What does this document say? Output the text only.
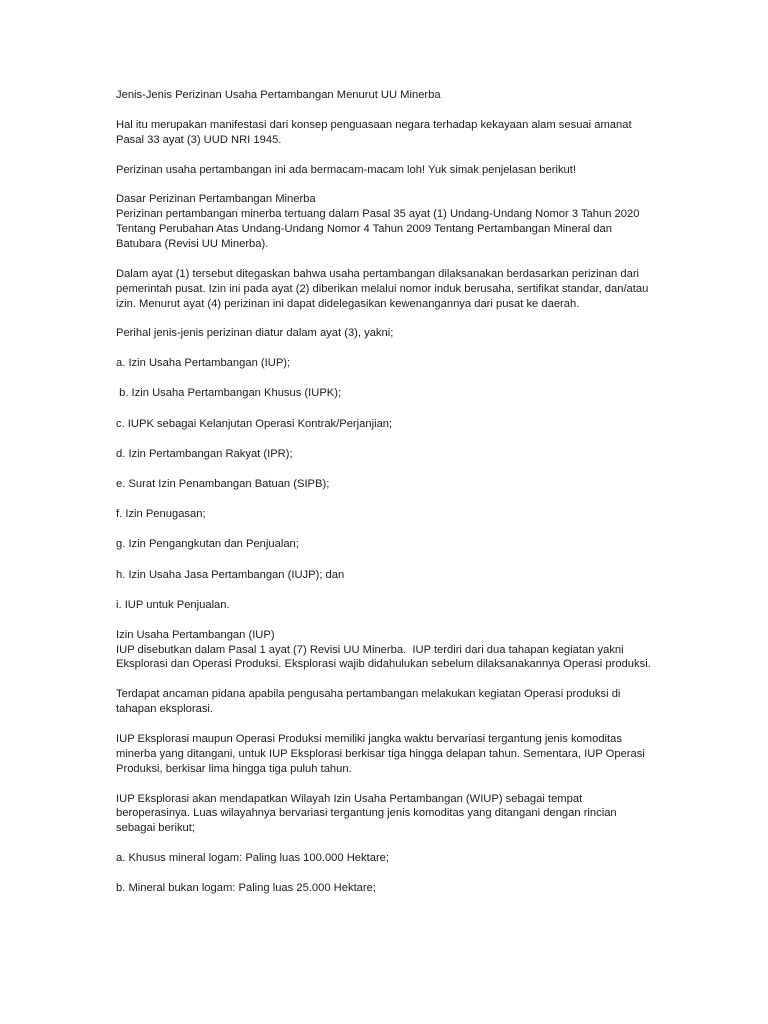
Jenis-Jenis Perizinan Usaha Pertambangan Menurut UU Minerba

Hal itu merupakan manifestasi dari konsep penguasaan negara terhadap kekayaan alam sesuai amanat Pasal 33 ayat (3) UUD NRI 1945.

Perizinan usaha pertambangan ini ada bermacam-macam loh! Yuk simak penjelasan berikut!

Dasar Perizinan Pertambangan Minerba

Perizinan pertambangan minerba tertuang dalam Pasal 35 ayat (1) Undang-Undang Nomor 3 Tahun 2020 Tentang Perubahan Atas Undang-Undang Nomor 4 Tahun 2009 Tentang Pertambangan Mineral dan Batubara (Revisi UU Minerba).

Dalam ayat (1) tersebut ditegaskan bahwa usaha pertambangan dilaksanakan berdasarkan perizinan dari pemerintah pusat. Izin ini pada ayat (2) diberikan melalui nomor induk berusaha, sertifikat standar, dan/atau izin. Menurut ayat (4) perizinan ini dapat didelegasikan kewenangannya dari pusat ke daerah.

Perihal jenis-jenis perizinan diatur dalam ayat (3), yakni;

a. Izin Usaha Pertambangan (IUP);

b. Izin Usaha Pertambangan Khusus (IUPK);

c. IUPK sebagai Kelanjutan Operasi Kontrak/Perjanjian;

d. Izin Pertambangan Rakyat (IPR);

e. Surat Izin Penambangan Batuan (SIPB);

f. Izin Penugasan;

g. Izin Pengangkutan dan Penjualan;

h. Izin Usaha Jasa Pertambangan (IUJP); dan

i. IUP untuk Penjualan.

Izin Usaha Pertambangan (IUP)

IUP disebutkan dalam Pasal 1 ayat (7) Revisi UU Minerba.  IUP terdiri dari dua tahapan kegiatan yakni Eksplorasi dan Operasi Produksi. Eksplorasi wajib didahulukan sebelum dilaksanakannya Operasi produksi.

Terdapat ancaman pidana apabila pengusaha pertambangan melakukan kegiatan Operasi produksi di tahapan eksplorasi.

IUP Eksplorasi maupun Operasi Produksi memiliki jangka waktu bervariasi tergantung jenis komoditas minerba yang ditangani, untuk IUP Eksplorasi berkisar tiga hingga delapan tahun. Sementara, IUP Operasi Produksi, berkisar lima hingga tiga puluh tahun.

IUP Eksplorasi akan mendapatkan Wilayah Izin Usaha Pertambangan (WIUP) sebagai tempat beroperasinya. Luas wilayahnya bervariasi tergantung jenis komoditas yang ditangani dengan rincian sebagai berikut;

a. Khusus mineral logam: Paling luas 100.000 Hektare;

b. Mineral bukan logam: Paling luas 25.000 Hektare;
